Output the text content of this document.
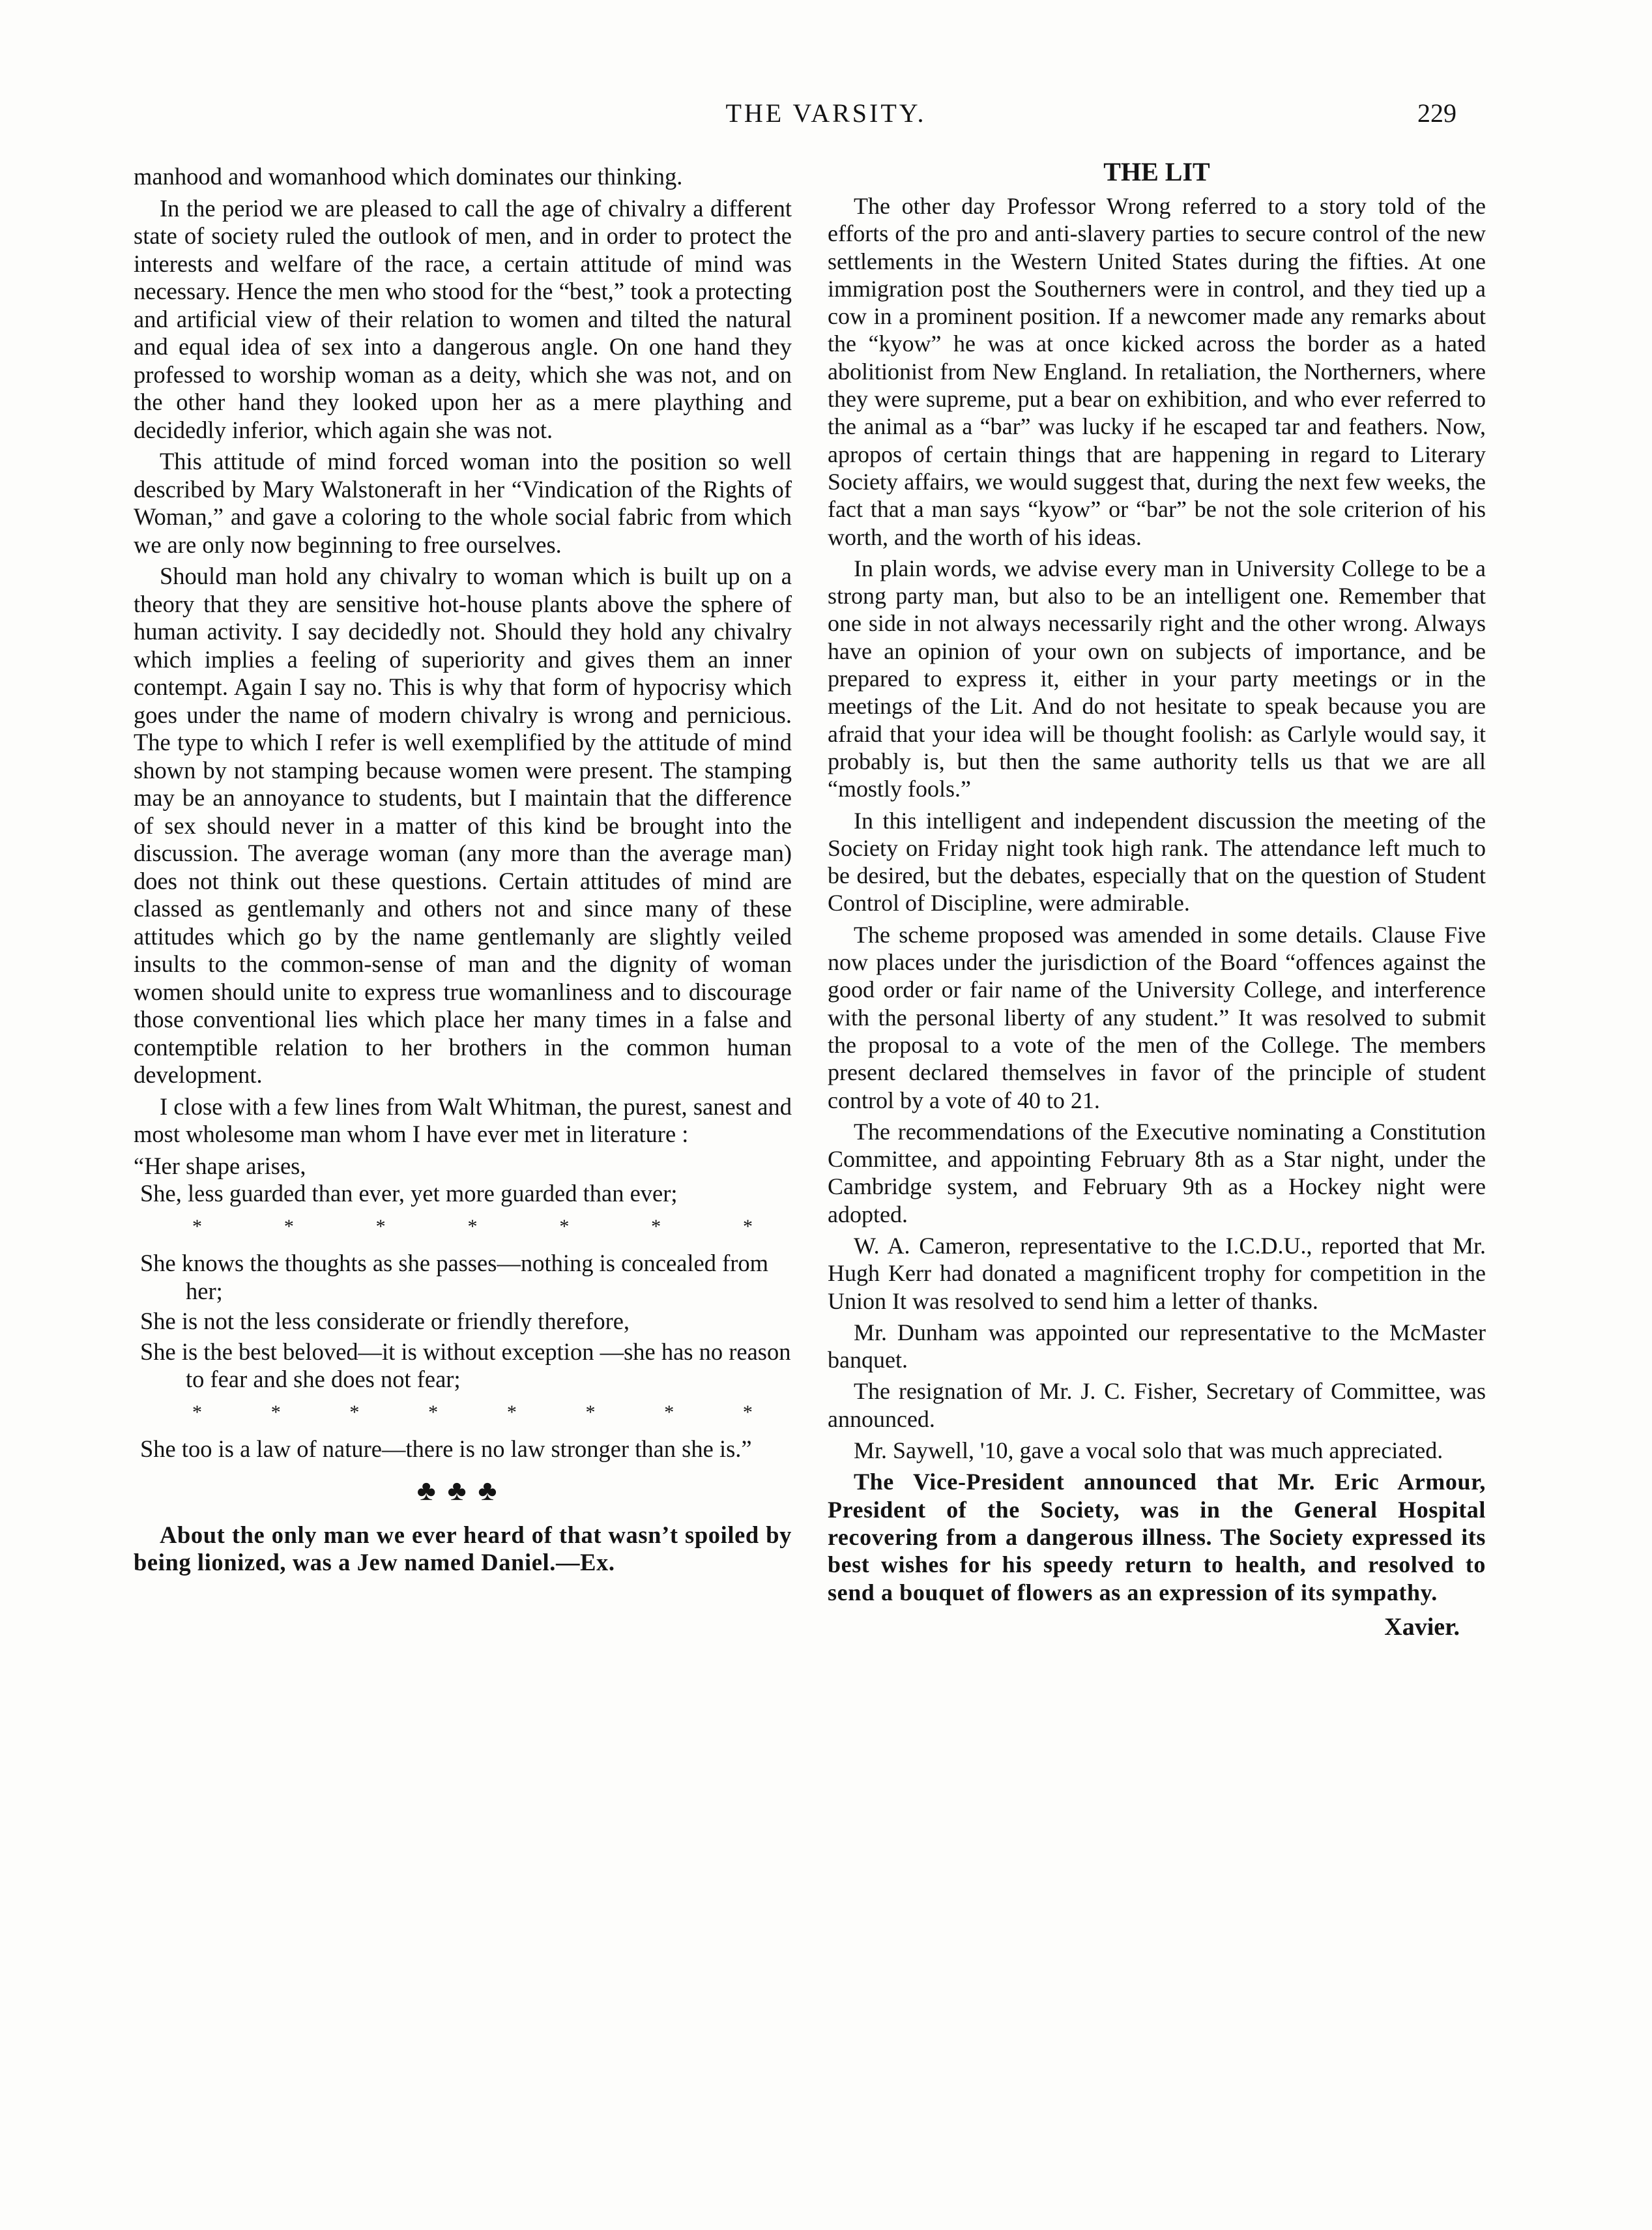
THE VARSITY.	229

manhood and womanhood which dominates our thinking.

In the period we are pleased to call the age of chivalry a different state of society ruled the outlook of men, and in order to protect the interests and welfare of the race, a certain attitude of mind was necessary. Hence the men who stood for the “best,” took a protecting and artificial view of their relation to women and tilted the natural and equal idea of sex into a dangerous angle. On one hand they professed to worship woman as a deity, which she was not, and on the other hand they looked upon her as a mere plaything and decidedly inferior, which again she was not.

This attitude of mind forced woman into the position so well described by Mary Walstoneraft in her “Vindication of the Rights of Woman,” and gave a coloring to the whole social fabric from which we are only now beginning to free ourselves.

Should man hold any chivalry to woman which is built up on a theory that they are sensitive hot-house plants above the sphere of human activity. I say decidedly not. Should they hold any chivalry which implies a feeling of superiority and gives them an inner contempt. Again I say no. This is why that form of hypocrisy which goes under the name of modern chivalry is wrong and pernicious. The type to which I refer is well exemplified by the attitude of mind shown by not stamping because women were present. The stamping may be an annoyance to students, but I maintain that the difference of sex should never in a matter of this kind be brought into the discussion. The average woman (any more than the average man) does not think out these questions. Certain attitudes of mind are classed as gentlemanly and others not and since many of these attitudes which go by the name gentlemanly are slightly veiled insults to the common-sense of man and the dignity of woman women should unite to express true womanliness and to discourage those conventional lies which place her many times in a false and contemptible relation to her brothers in the common human development.

I close with a few lines from Walt Whitman, the purest, sanest and most wholesome man whom I have ever met in literature :

“Her shape arises,
She, less guarded than ever, yet more guarded than ever;
*	*	*	*	*	*	*
She knows the thoughts as she passes—nothing is concealed from her;
She is not the less considerate or friendly therefore,
She is the best beloved—it is without exception —she has no reason to fear and she does not fear;
*	*	*	*	*	*	*	*
She too is a law of nature—there is no law stronger than she is.”
♣♣♣

About the only man we ever heard of that wasn’t spoiled by being lionized, was a Jew named Daniel.—Ex.

THE LIT

The other day Professor Wrong referred to a story told of the efforts of the pro and anti-slavery parties to secure control of the new settlements in the Western United States during the fifties. At one immigration post the Southerners were in control, and they tied up a cow in a prominent position. If a newcomer made any remarks about the “kyow” he was at once kicked across the border as a hated abolitionist from New England. In retaliation, the Northerners, where they were supreme, put a bear on exhibition, and who ever referred to the animal as a “bar” was lucky if he escaped tar and feathers. Now, apropos of certain things that are happening in regard to Literary Society affairs, we would suggest that, during the next few weeks, the fact that a man says “kyow” or “bar” be not the sole criterion of his worth, and the worth of his ideas.

In plain words, we advise every man in University College to be a strong party man, but also to be an intelligent one. Remember that one side in not always necessarily right and the other wrong. Always have an opinion of your own on subjects of importance, and be prepared to express it, either in your party meetings or in the meetings of the Lit. And do not hesitate to speak because you are afraid that your idea will be thought foolish: as Carlyle would say, it probably is, but then the same authority tells us that we are all “mostly fools.”

In this intelligent and independent discussion the meeting of the Society on Friday night took high rank. The attendance left much to be desired, but the debates, especially that on the question of Student Control of Discipline, were admirable.

The scheme proposed was amended in some details. Clause Five now places under the jurisdiction of the Board “offences against the good order or fair name of the University College, and interference with the personal liberty of any student.” It was resolved to submit the proposal to a vote of the men of the College. The members present declared themselves in favor of the principle of student control by a vote of 40 to 21.

The recommendations of the Executive nominating a Constitution Committee, and appointing February 8th as a Star night, under the Cambridge system, and February 9th as a Hockey night were adopted.

W. A. Cameron, representative to the I.C.D.U., reported that Mr. Hugh Kerr had donated a magnificent trophy for competition in the Union It was resolved to send him a letter of thanks.

Mr. Dunham was appointed our representative to the McMaster banquet.

The resignation of Mr. J. C. Fisher, Secretary of Committee, was announced.

Mr. Saywell, '10, gave a vocal solo that was much appreciated.

The Vice-President announced that Mr. Eric Armour, President of the Society, was in the General Hospital recovering from a dangerous illness. The Society expressed its best wishes for his speedy return to health, and resolved to send a bouquet of flowers as an expression of its sympathy.

Xavier.
